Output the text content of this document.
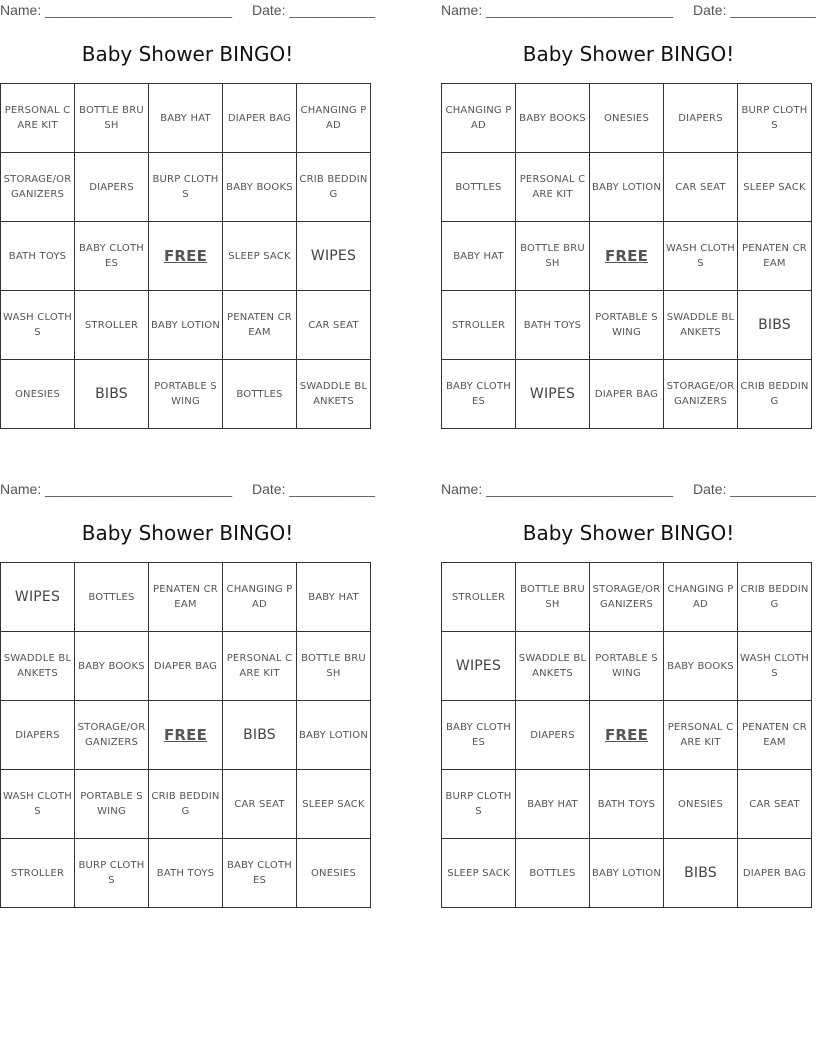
Name: ________________________ Date: ___________
Baby Shower BINGO!
PERSONAL CARE KIT	BOTTLE BRUSH	BABY HAT	DIAPER BAG	CHANGING PAD
STORAGE/ORGANIZERS	DIAPERS	BURP CLOTHS	BABY BOOKS	CRIB BEDDING
BATH TOYS	BABY CLOTHES	FREE	SLEEP SACK	WIPES
WASH CLOTHS	STROLLER	BABY LOTION	PENATEN CREAM	CAR SEAT
ONESIES	BIBS	PORTABLE SWING	BOTTLES	SWADDLE BLANKETS
Name: ________________________ Date: ___________
Baby Shower BINGO!
CHANGING PAD	BABY BOOKS	ONESIES	DIAPERS	BURP CLOTHS
BOTTLES	PERSONAL CARE KIT	BABY LOTION	CAR SEAT	SLEEP SACK
BABY HAT	BOTTLE BRUSH	FREE	WASH CLOTHS	PENATEN CREAM
STROLLER	BATH TOYS	PORTABLE SWING	SWADDLE BLANKETS	BIBS
BABY CLOTHES	WIPES	DIAPER BAG	STORAGE/ORGANIZERS	CRIB BEDDING
Name: ________________________ Date: ___________
Baby Shower BINGO!
WIPES	BOTTLES	PENATEN CREAM	CHANGING PAD	BABY HAT
SWADDLE BLANKETS	BABY BOOKS	DIAPER BAG	PERSONAL CARE KIT	BOTTLE BRUSH
DIAPERS	STORAGE/ORGANIZERS	FREE	BIBS	BABY LOTION
WASH CLOTHS	PORTABLE SWING	CRIB BEDDING	CAR SEAT	SLEEP SACK
STROLLER	BURP CLOTHS	BATH TOYS	BABY CLOTHES	ONESIES
Name: ________________________ Date: ___________
Baby Shower BINGO!
STROLLER	BOTTLE BRUSH	STORAGE/ORGANIZERS	CHANGING PAD	CRIB BEDDING
WIPES	SWADDLE BLANKETS	PORTABLE SWING	BABY BOOKS	WASH CLOTHS
BABY CLOTHES	DIAPERS	FREE	PERSONAL CARE KIT	PENATEN CREAM
BURP CLOTHS	BABY HAT	BATH TOYS	ONESIES	CAR SEAT
SLEEP SACK	BOTTLES	BABY LOTION	BIBS	DIAPER BAG
